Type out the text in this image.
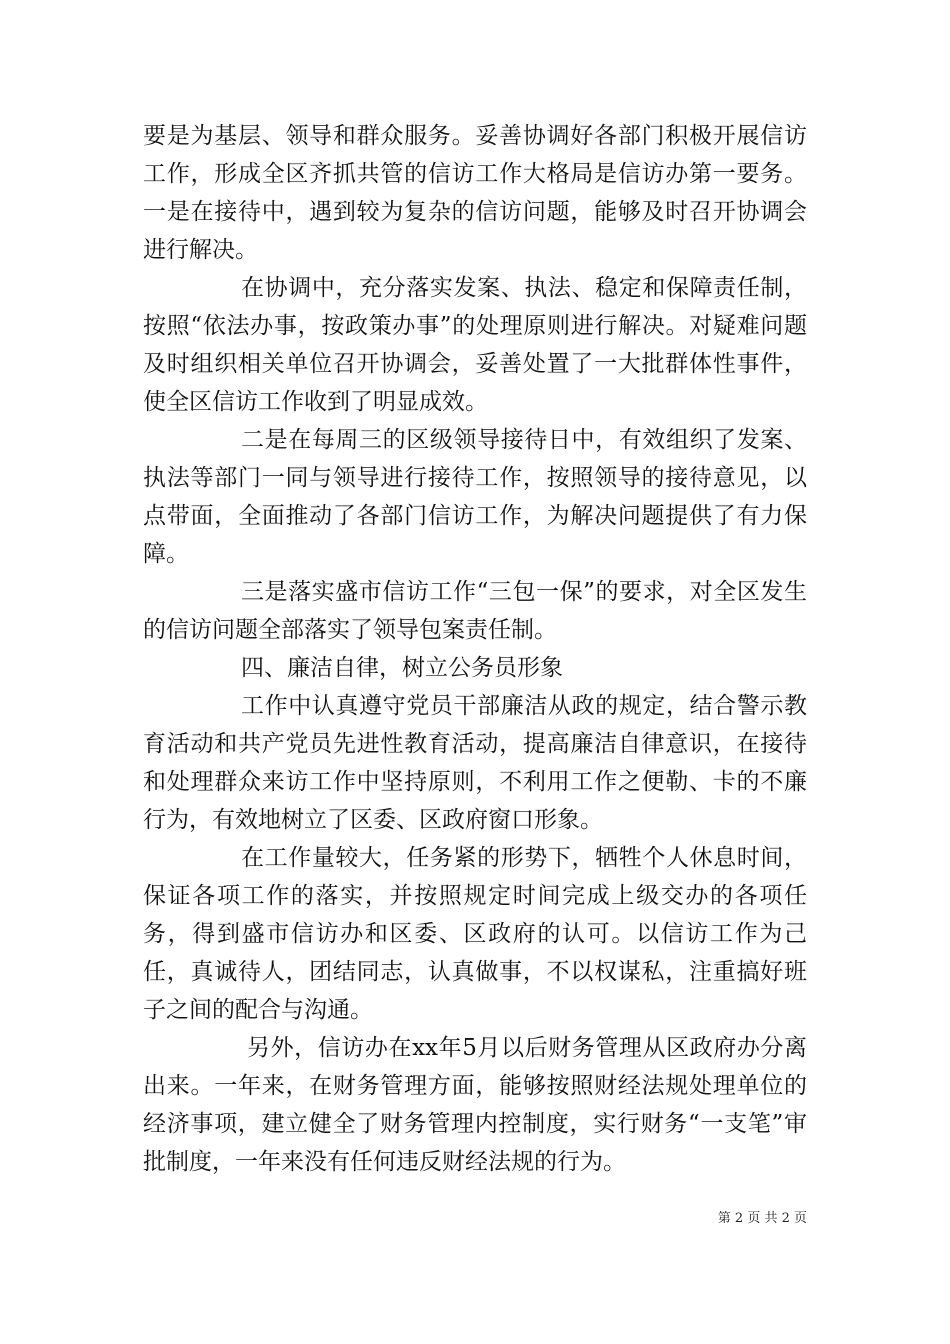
要是为基层、领导和群众服务。妥善协调好各部门积极开展信访工作，形成全区齐抓共管的信访工作大格局是信访办第一要务。一是在接待中，遇到较为复杂的信访问题，能够及时召开协调会进行解决。

在协调中，充分落实发案、执法、稳定和保障责任制，按照“依法办事，按政策办事”的处理原则进行解决。对疑难问题及时组织相关单位召开协调会，妥善处置了一大批群体性事件，使全区信访工作收到了明显成效。

二是在每周三的区级领导接待日中，有效组织了发案、执法等部门一同与领导进行接待工作，按照领导的接待意见，以点带面，全面推动了各部门信访工作，为解决问题提供了有力保障。

三是落实盛市信访工作“三包一保”的要求，对全区发生的信访问题全部落实了领导包案责任制。

四、廉洁自律，树立公务员形象

工作中认真遵守党员干部廉洁从政的规定，结合警示教育活动和共产党员先进性教育活动，提高廉洁自律意识，在接待和处理群众来访工作中坚持原则，不利用工作之便勒、卡的不廉行为，有效地树立了区委、区政府窗口形象。

在工作量较大，任务紧的形势下，牺牲个人休息时间，保证各项工作的落实，并按照规定时间完成上级交办的各项任务，得到盛市信访办和区委、区政府的认可。以信访工作为己任，真诚待人，团结同志，认真做事，不以权谋私，注重搞好班子之间的配合与沟通。

另外，信访办在xx年5月以后财务管理从区政府办分离出来。一年来，在财务管理方面，能够按照财经法规处理单位的经济事项，建立健全了财务管理内控制度，实行财务“一支笔”审批制度，一年来没有任何违反财经法规的行为。

第 2 页 共 2 页
